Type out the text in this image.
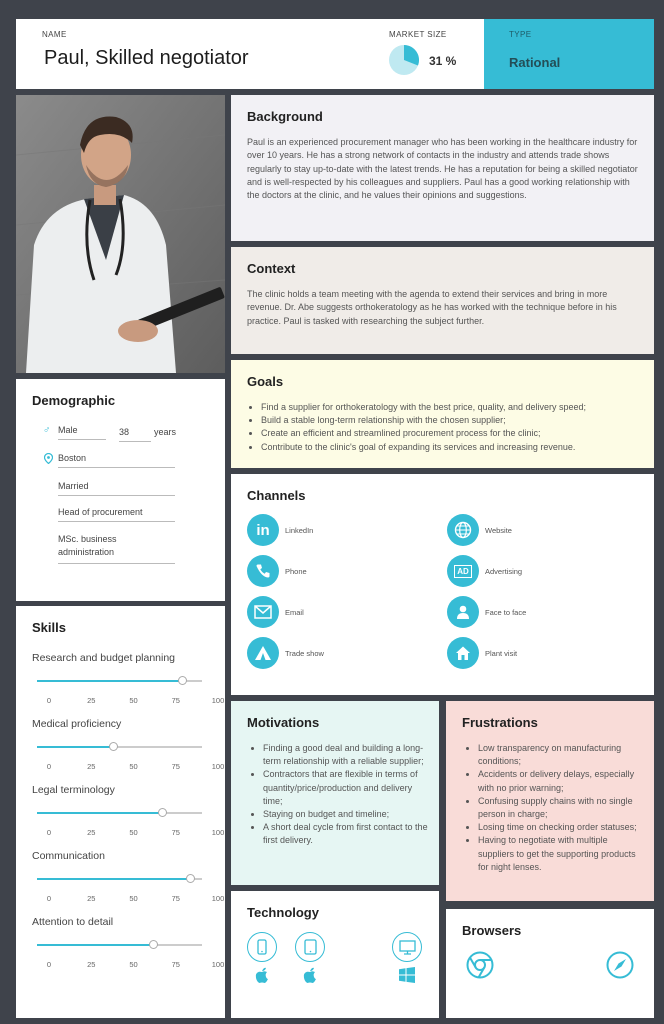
NAME
Paul, Skilled negotiator
MARKET SIZE
31 %
TYPE
Rational
Background

Paul is an experienced procurement manager who has been working in the healthcare industry for over 10 years. He has a strong network of contacts in the industry and attends trade shows regularly to stay up-to-date with the latest trends. He has a reputation for being a skilled negotiator and is well-respected by his colleagues and suppliers. Paul has a good working relationship with the doctors at the clinic, and he values their opinions and suggestions.

Context

The clinic holds a team meeting with the agenda to extend their services and bring in more revenue. Dr. Abe suggests orthokeratology as he has worked with the technique before in his practice. Paul is tasked with researching the subject further.

Goals
• Find a supplier for orthokeratology with the best price, quality, and delivery speed;
• Build a stable long-term relationship with the chosen supplier;
• Create an efficient and streamlined procurement process for the clinic;
• Contribute to the clinic's goal of expanding its services and increasing revenue.
Demographic
♂ Male	38	years
Boston
Married
Head of procurement
MSc. business administration
Skills
Research and budget planning
0	25	50	75	100
Medical proficiency
0	25	50	75	100
Legal terminology
0	25	50	75	100
Communication
0	25	50	75	100
Attention to detail
0	25	50	75	100
Channels
in	LinkedIn	Website
Phone	AD	Advertising
Email	Face to face
Trade show	Plant visit
Motivations
• Finding a good deal and building a long-term relationship with a reliable supplier;
• Contractors that are flexible in terms of quantity/price/production and delivery time;
• Staying on budget and timeline;
• A short deal cycle from first contact to the first delivery.
Frustrations
• Low transparency on manufacturing conditions;
• Accidents or delivery delays, especially with no prior warning;
• Confusing supply chains with no single person in charge;
• Losing time on checking order statuses;
• Having to negotiate with multiple suppliers to get the supporting products for night lenses.
Technology
Browsers
